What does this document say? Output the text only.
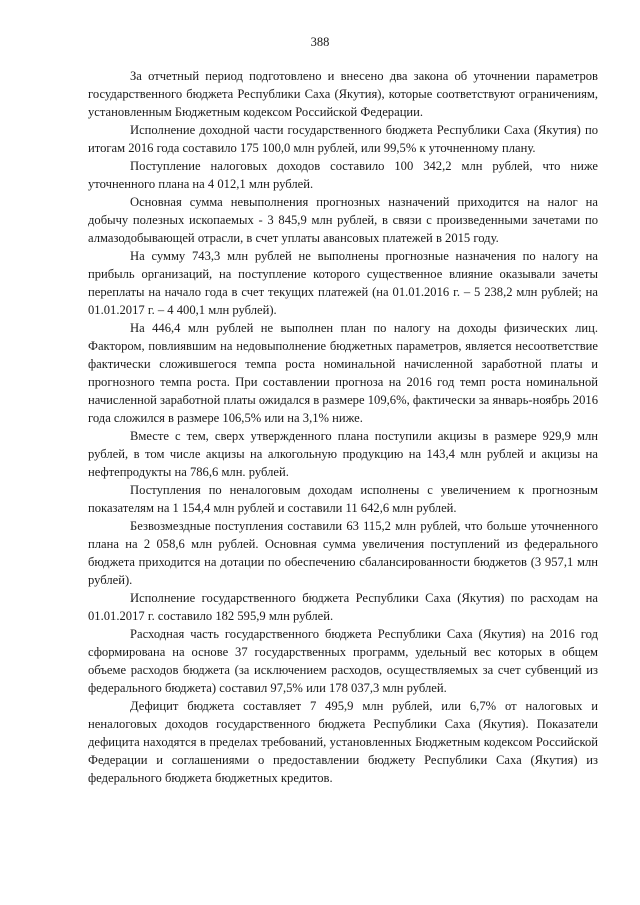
388

За отчетный период подготовлено и внесено два закона об уточнении параметров государственного бюджета Республики Саха (Якутия), которые соответствуют ограничениям, установленным Бюджетным кодексом Российской Федерации.

Исполнение доходной части государственного бюджета Республики Саха (Якутия) по итогам 2016 года составило 175 100,0 млн рублей, или 99,5% к уточненному плану.

Поступление налоговых доходов составило 100 342,2 млн рублей, что ниже уточненного плана на 4 012,1 млн рублей.

Основная сумма невыполнения прогнозных назначений приходится на налог на добычу полезных ископаемых - 3 845,9 млн рублей, в связи с произведенными зачетами по алмазодобывающей отрасли, в счет уплаты авансовых платежей в 2015 году.

На сумму 743,3 млн рублей не выполнены прогнозные назначения по налогу на прибыль организаций, на поступление которого существенное влияние оказывали зачеты переплаты на начало года в счет текущих платежей (на 01.01.2016 г. – 5 238,2 млн рублей; на 01.01.2017 г. – 4 400,1 млн рублей).

На 446,4 млн рублей не выполнен план по налогу на доходы физических лиц. Фактором, повлиявшим на недовыполнение бюджетных параметров, является несоответствие фактически сложившегося темпа роста номинальной начисленной заработной платы и прогнозного темпа роста. При составлении прогноза на 2016 год темп роста номинальной начисленной заработной платы ожидался в размере 109,6%, фактически за январь-ноябрь 2016 года сложился в размере 106,5% или на 3,1% ниже.

Вместе с тем, сверх утвержденного плана поступили акцизы в размере 929,9 млн рублей, в том числе акцизы на алкогольную продукцию на 143,4 млн рублей и акцизы на нефтепродукты на 786,6 млн. рублей.

Поступления по неналоговым доходам исполнены с увеличением к прогнозным показателям на 1 154,4 млн рублей и составили 11 642,6 млн рублей.

Безвозмездные поступления составили 63 115,2 млн рублей, что больше уточненного плана на 2 058,6 млн рублей. Основная сумма увеличения поступлений из федерального бюджета приходится на дотации по обеспечению сбалансированности бюджетов (3 957,1 млн рублей).

Исполнение государственного бюджета Республики Саха (Якутия) по расходам на 01.01.2017 г. составило 182 595,9 млн рублей.

Расходная часть государственного бюджета Республики Саха (Якутия) на 2016 год сформирована на основе 37 государственных программ, удельный вес которых в общем объеме расходов бюджета (за исключением расходов, осуществляемых за счет субвенций из федерального бюджета) составил 97,5% или 178 037,3 млн рублей.

Дефицит бюджета составляет 7 495,9 млн рублей, или 6,7% от налоговых и неналоговых доходов государственного бюджета Республики Саха (Якутия). Показатели дефицита находятся в пределах требований, установленных Бюджетным кодексом Российской Федерации и соглашениями о предоставлении бюджету Республики Саха (Якутия) из федерального бюджета бюджетных кредитов.
